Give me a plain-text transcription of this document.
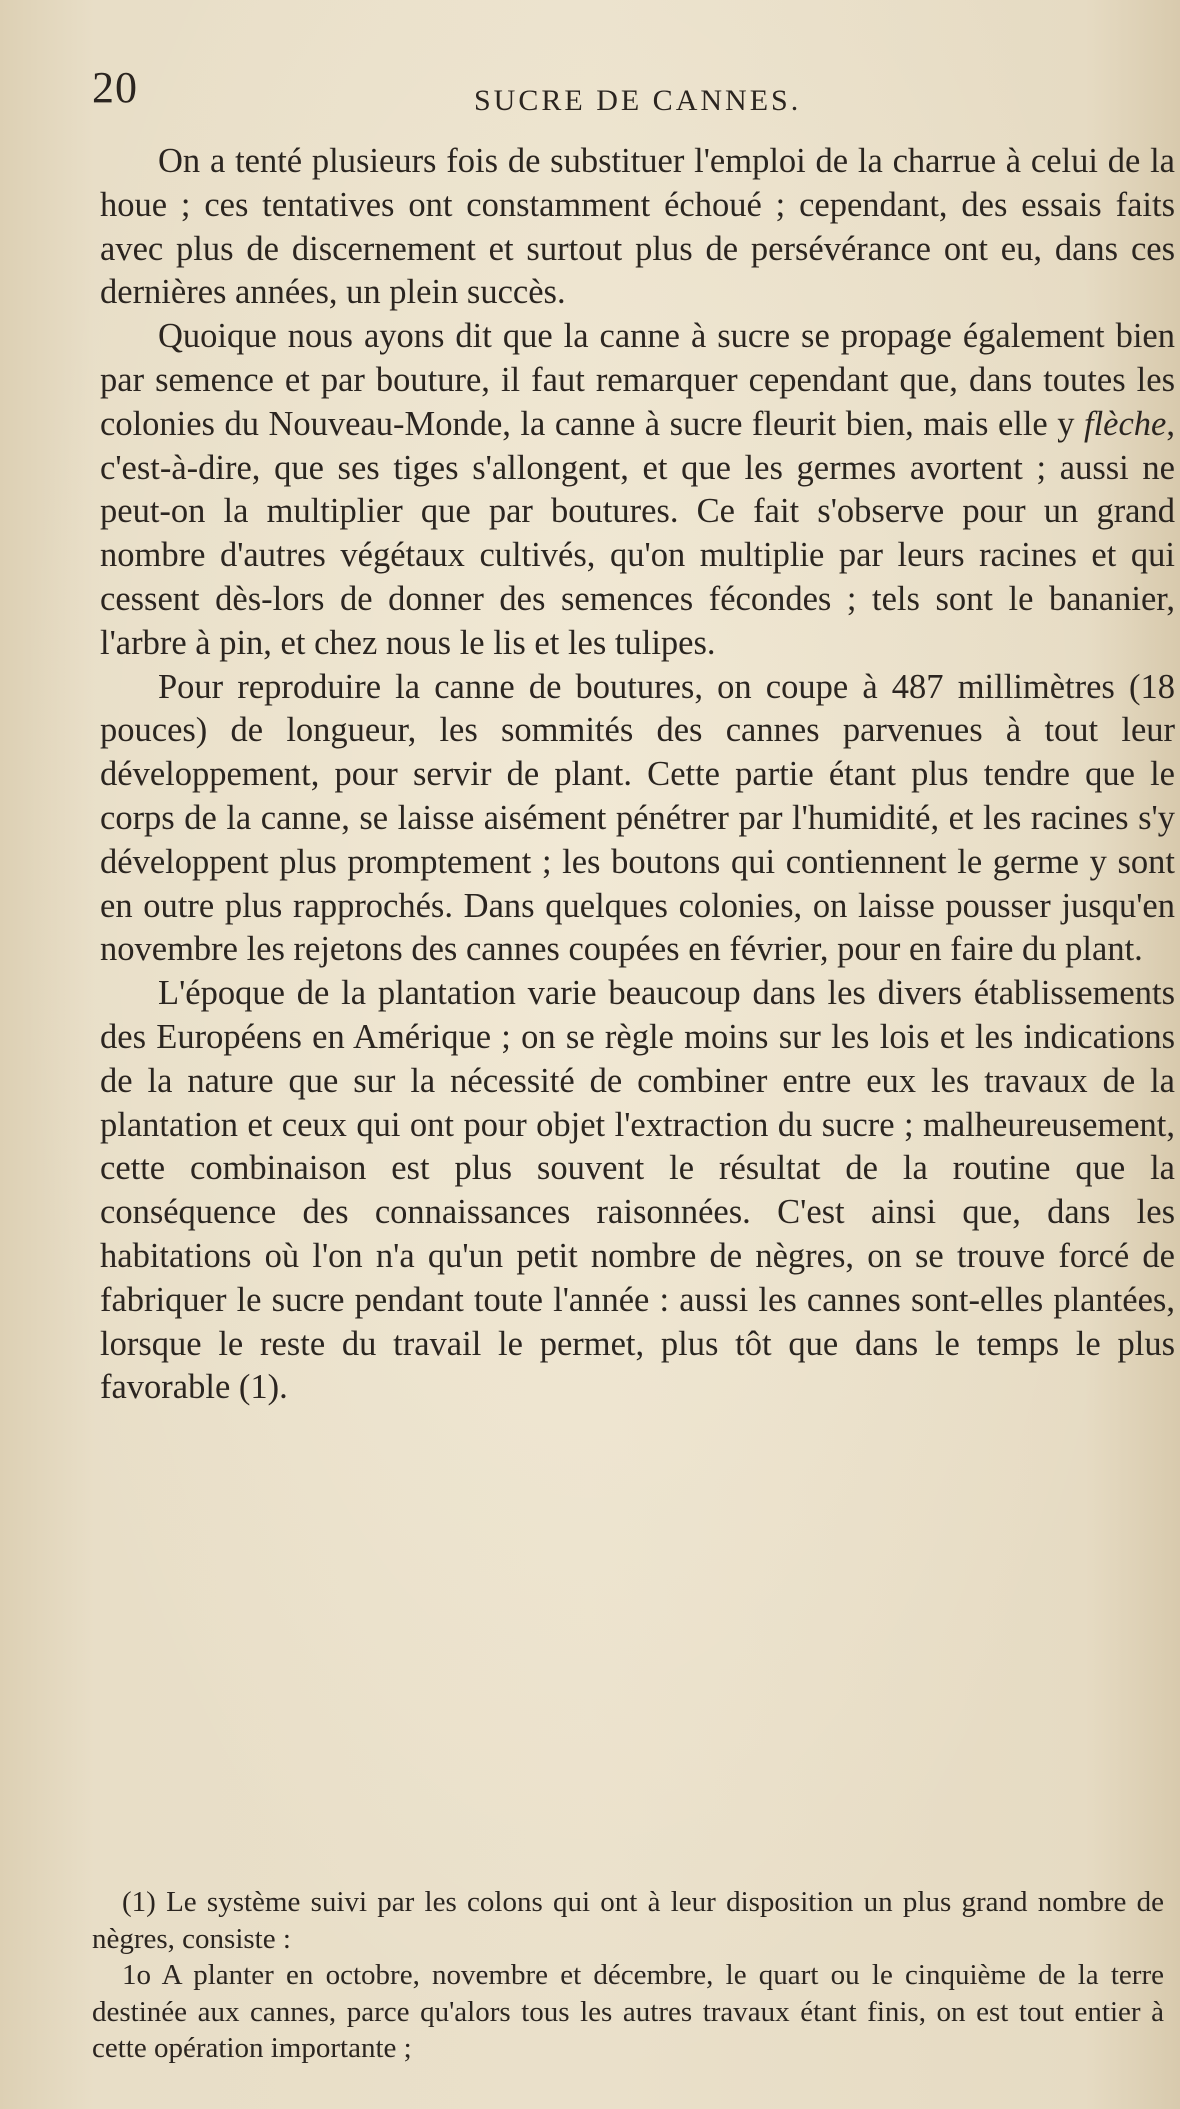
20	SUCRE DE CANNES.

On a tenté plusieurs fois de substituer l'emploi de la charrue à celui de la houe ; ces tentatives ont constamment échoué ; cependant, des essais faits avec plus de discernement et surtout plus de persévérance ont eu, dans ces dernières années, un plein succès.

Quoique nous ayons dit que la canne à sucre se propage également bien par semence et par bouture, il faut remarquer cependant que, dans toutes les colonies du Nouveau-Monde, la canne à sucre fleurit bien, mais elle y flèche, c'est-à-dire, que ses tiges s'allongent, et que les germes avortent ; aussi ne peut-on la multiplier que par boutures. Ce fait s'observe pour un grand nombre d'autres végétaux cultivés, qu'on multiplie par leurs racines et qui cessent dès-lors de donner des semences fécondes ; tels sont le bananier, l'arbre à pin, et chez nous le lis et les tulipes.

Pour reproduire la canne de boutures, on coupe à 487 millimètres (18 pouces) de longueur, les sommités des cannes parvenues à tout leur développement, pour servir de plant. Cette partie étant plus tendre que le corps de la canne, se laisse aisément pénétrer par l'humidité, et les racines s'y développent plus promptement ; les boutons qui contiennent le germe y sont en outre plus rapprochés. Dans quelques colonies, on laisse pousser jusqu'en novembre les rejetons des cannes coupées en février, pour en faire du plant.

L'époque de la plantation varie beaucoup dans les divers établissements des Européens en Amérique ; on se règle moins sur les lois et les indications de la nature que sur la nécessité de combiner entre eux les travaux de la plantation et ceux qui ont pour objet l'extraction du sucre ; malheureusement, cette combinaison est plus souvent le résultat de la routine que la conséquence des connaissances raisonnées. C'est ainsi que, dans les habitations où l'on n'a qu'un petit nombre de nègres, on se trouve forcé de fabriquer le sucre pendant toute l'année : aussi les cannes sont-elles plantées, lorsque le reste du travail le permet, plus tôt que dans le temps le plus favorable (1).

(1) Le système suivi par les colons qui ont à leur disposition un plus grand nombre de nègres, consiste :

1o A planter en octobre, novembre et décembre, le quart ou le cinquième de la terre destinée aux cannes, parce qu'alors tous les autres travaux étant finis, on est tout entier à cette opération importante ;
